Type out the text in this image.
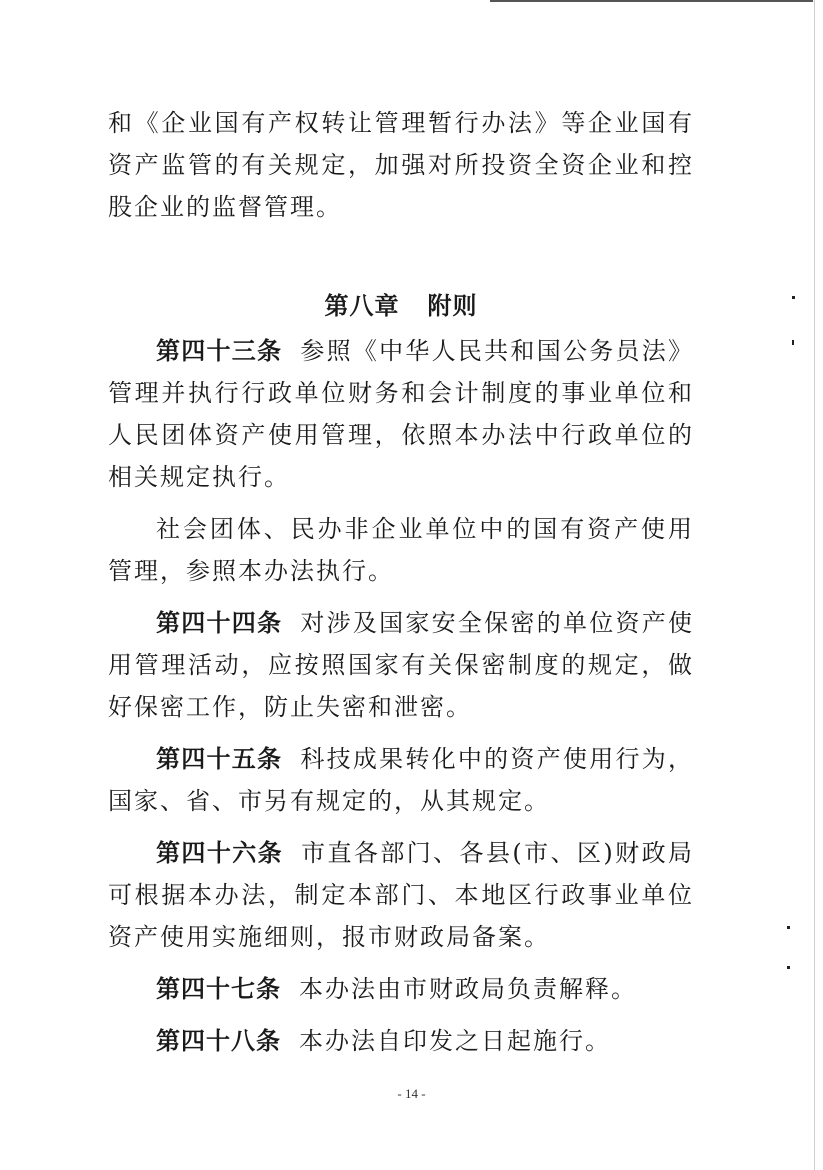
和《企业国有产权转让管理暂行办法》等企业国有资产监管的有关规定，加强对所投资全资企业和控股企业的监督管理。

第八章 附则

第四十三条 参照《中华人民共和国公务员法》管理并执行行政单位财务和会计制度的事业单位和人民团体资产使用管理，依照本办法中行政单位的相关规定执行。

社会团体、民办非企业单位中的国有资产使用管理，参照本办法执行。

第四十四条 对涉及国家安全保密的单位资产使用管理活动，应按照国家有关保密制度的规定，做好保密工作，防止失密和泄密。

第四十五条 科技成果转化中的资产使用行为，国家、省、市另有规定的，从其规定。

第四十六条 市直各部门、各县(市、区)财政局可根据本办法，制定本部门、本地区行政事业单位资产使用实施细则，报市财政局备案。

第四十七条 本办法由市财政局负责解释。

第四十八条 本办法自印发之日起施行。

- 14 -
